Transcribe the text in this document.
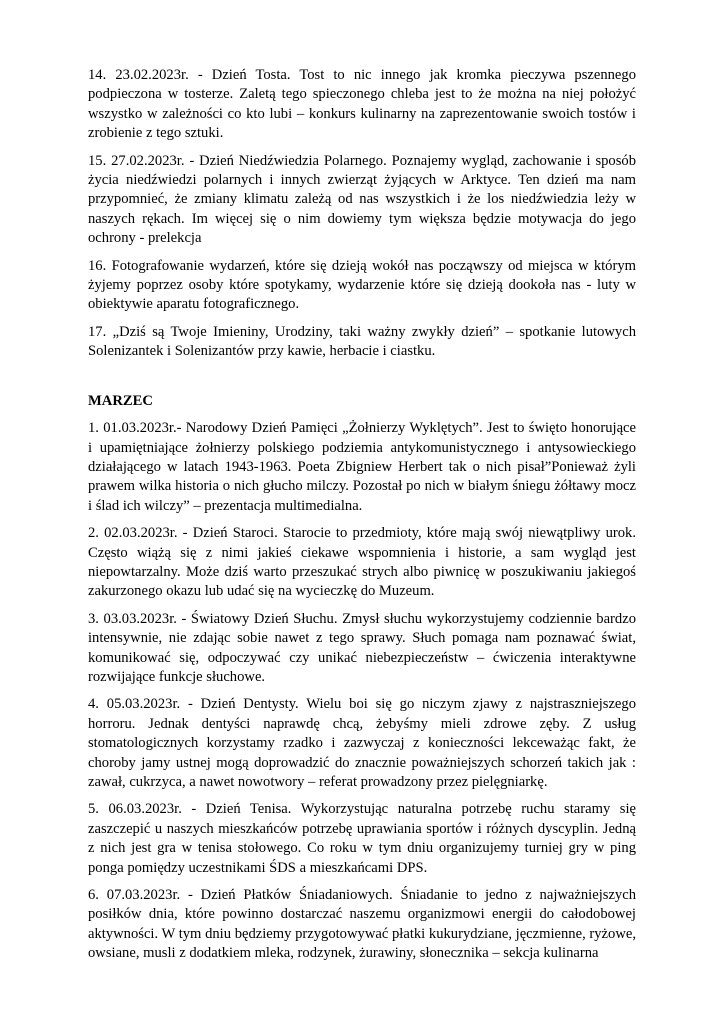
14. 23.02.2023r. - Dzień Tosta. Tost to nic innego jak kromka pieczywa pszennego podpieczona w tosterze. Zaletą tego spieczonego chleba jest to że można na niej położyć wszystko w zależności co kto lubi – konkurs kulinarny na zaprezentowanie swoich tostów i zrobienie z tego sztuki.

15. 27.02.2023r. - Dzień Niedźwiedzia Polarnego. Poznajemy wygląd, zachowanie i sposób życia niedźwiedzi polarnych i innych zwierząt żyjących w Arktyce. Ten dzień ma nam przypomnieć, że zmiany klimatu zależą od nas wszystkich i że los niedźwiedzia leży w naszych rękach. Im więcej się o nim dowiemy tym większa będzie motywacja do jego ochrony - prelekcja

16. Fotografowanie wydarzeń, które się dzieją wokół nas począwszy od miejsca w którym żyjemy poprzez osoby które spotykamy, wydarzenie które się dzieją dookoła nas - luty w obiektywie aparatu fotograficznego.

17. „Dziś są Twoje Imieniny, Urodziny, taki ważny zwykły dzień” – spotkanie lutowych Solenizantek i Solenizantów przy kawie, herbacie i ciastku.

MARZEC

1. 01.03.2023r.- Narodowy Dzień Pamięci „Żołnierzy Wyklętych”. Jest to święto honorujące i upamiętniające żołnierzy polskiego podziemia antykomunistycznego i antysowieckiego działającego w latach 1943-1963. Poeta Zbigniew Herbert tak o nich pisał”Ponieważ żyli prawem wilka historia o nich głucho milczy. Pozostał po nich w białym śniegu żółtawy mocz i ślad ich wilczy” – prezentacja multimedialna.

2. 02.03.2023r. - Dzień Staroci. Starocie to przedmioty, które mają swój niewątpliwy urok. Często wiążą się z nimi jakieś ciekawe wspomnienia i historie, a sam wygląd jest niepowtarzalny. Może dziś warto przeszukać strych albo piwnicę w poszukiwaniu jakiegoś zakurzonego okazu lub udać się na wycieczkę do Muzeum.

3. 03.03.2023r. - Światowy Dzień Słuchu. Zmysł słuchu wykorzystujemy codziennie bardzo intensywnie, nie zdając sobie nawet z tego sprawy. Słuch pomaga nam poznawać świat, komunikować się, odpoczywać czy unikać niebezpieczeństw – ćwiczenia interaktywne rozwijające funkcje słuchowe.

4. 05.03.2023r. - Dzień Dentysty. Wielu boi się go niczym zjawy z najstraszniejszego horroru. Jednak dentyści naprawdę chcą, żebyśmy mieli zdrowe zęby. Z usług stomatologicznych korzystamy rzadko i zazwyczaj z konieczności lekceważąc fakt, że choroby jamy ustnej mogą doprowadzić do znacznie poważniejszych schorzeń takich jak : zawał, cukrzyca, a nawet nowotwory – referat prowadzony przez pielęgniarkę.

5. 06.03.2023r. - Dzień Tenisa. Wykorzystując naturalna potrzebę ruchu staramy się zaszczepić u naszych mieszkańców potrzebę uprawiania sportów i różnych dyscyplin. Jedną z nich jest gra w tenisa stołowego. Co roku w tym dniu organizujemy turniej gry w ping ponga pomiędzy uczestnikami ŚDS a mieszkańcami DPS.

6. 07.03.2023r. - Dzień Płatków Śniadaniowych. Śniadanie to jedno z najważniejszych posiłków dnia, które powinno dostarczać naszemu organizmowi energii do całodobowej aktywności. W tym dniu będziemy przygotowywać płatki kukurydziane, jęczmienne, ryżowe, owsiane, musli z dodatkiem mleka, rodzynek, żurawiny, słonecznika – sekcja kulinarna
